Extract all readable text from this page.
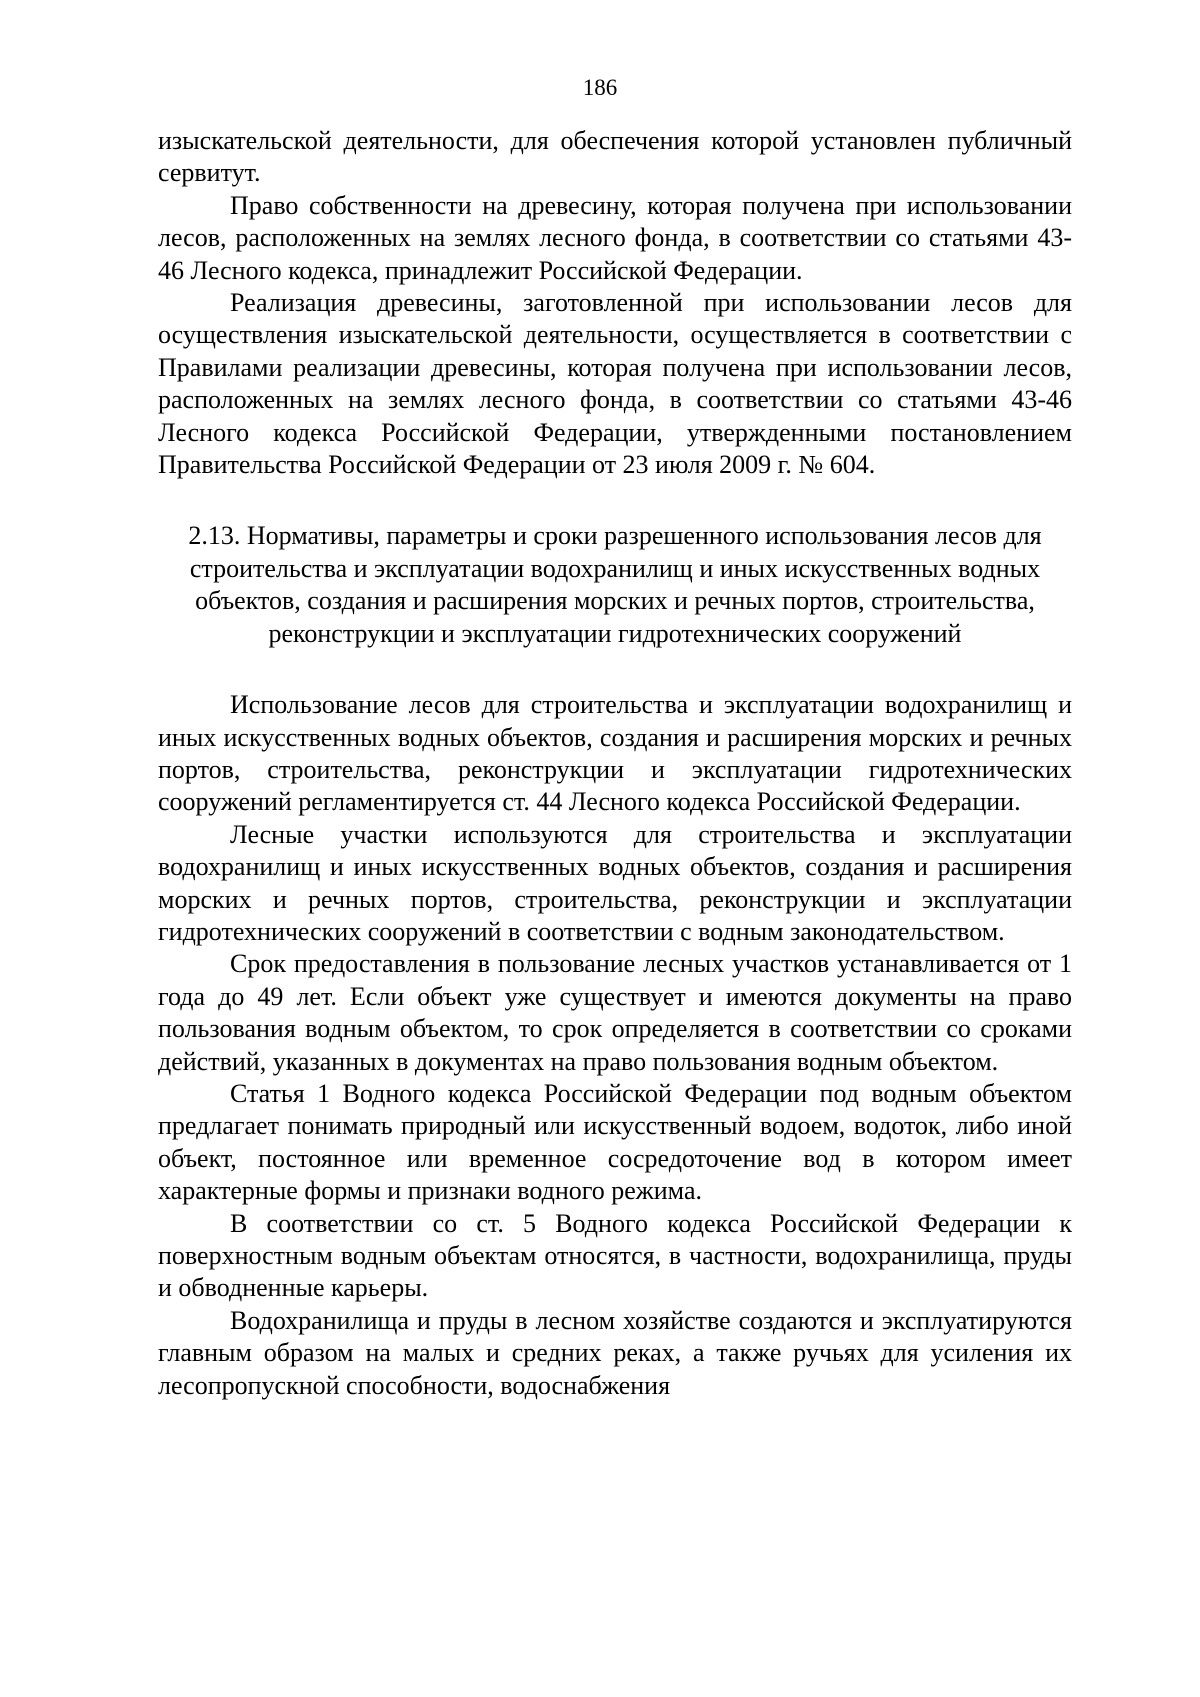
186

изыскательской деятельности, для обеспечения которой установлен публичный сервитут.

Право собственности на древесину, которая получена при использовании лесов, расположенных на землях лесного фонда, в соответствии со статьями 43-46 Лесного кодекса, принадлежит Российской Федерации.

Реализация древесины, заготовленной при использовании лесов для осуществления изыскательской деятельности, осуществляется в соответствии с Правилами реализации древесины, которая получена при использовании лесов, расположенных на землях лесного фонда, в соответствии со статьями 43-46 Лесного кодекса Российской Федерации, утвержденными постановлением Правительства Российской Федерации от 23 июля 2009 г. № 604.

2.13. Нормативы, параметры и сроки разрешенного использования лесов для строительства и эксплуатации водохранилищ и иных искусственных водных объектов, создания и расширения морских и речных портов, строительства, реконструкции и эксплуатации гидротехнических сооружений

Использование лесов для строительства и эксплуатации водохранилищ и иных искусственных водных объектов, создания и расширения морских и речных портов, строительства, реконструкции и эксплуатации гидротехнических сооружений регламентируется ст. 44 Лесного кодекса Российской Федерации.

Лесные участки используются для строительства и эксплуатации водохранилищ и иных искусственных водных объектов, создания и расширения морских и речных портов, строительства, реконструкции и эксплуатации гидротехнических сооружений в соответствии с водным законодательством.

Срок предоставления в пользование лесных участков устанавливается от 1 года до 49 лет. Если объект уже существует и имеются документы на право пользования водным объектом, то срок определяется в соответствии со сроками действий, указанных в документах на право пользования водным объектом.

Статья 1 Водного кодекса Российской Федерации под водным объектом предлагает понимать природный или искусственный водоем, водоток, либо иной объект, постоянное или временное сосредоточение вод в котором имеет характерные формы и признаки водного режима.

В соответствии со ст. 5 Водного кодекса Российской Федерации к поверхностным водным объектам относятся, в частности, водохранилища, пруды и обводненные карьеры.

Водохранилища и пруды в лесном хозяйстве создаются и эксплуатируются главным образом на малых и средних реках, а также ручьях для усиления их лесопропускной способности, водоснабжения
